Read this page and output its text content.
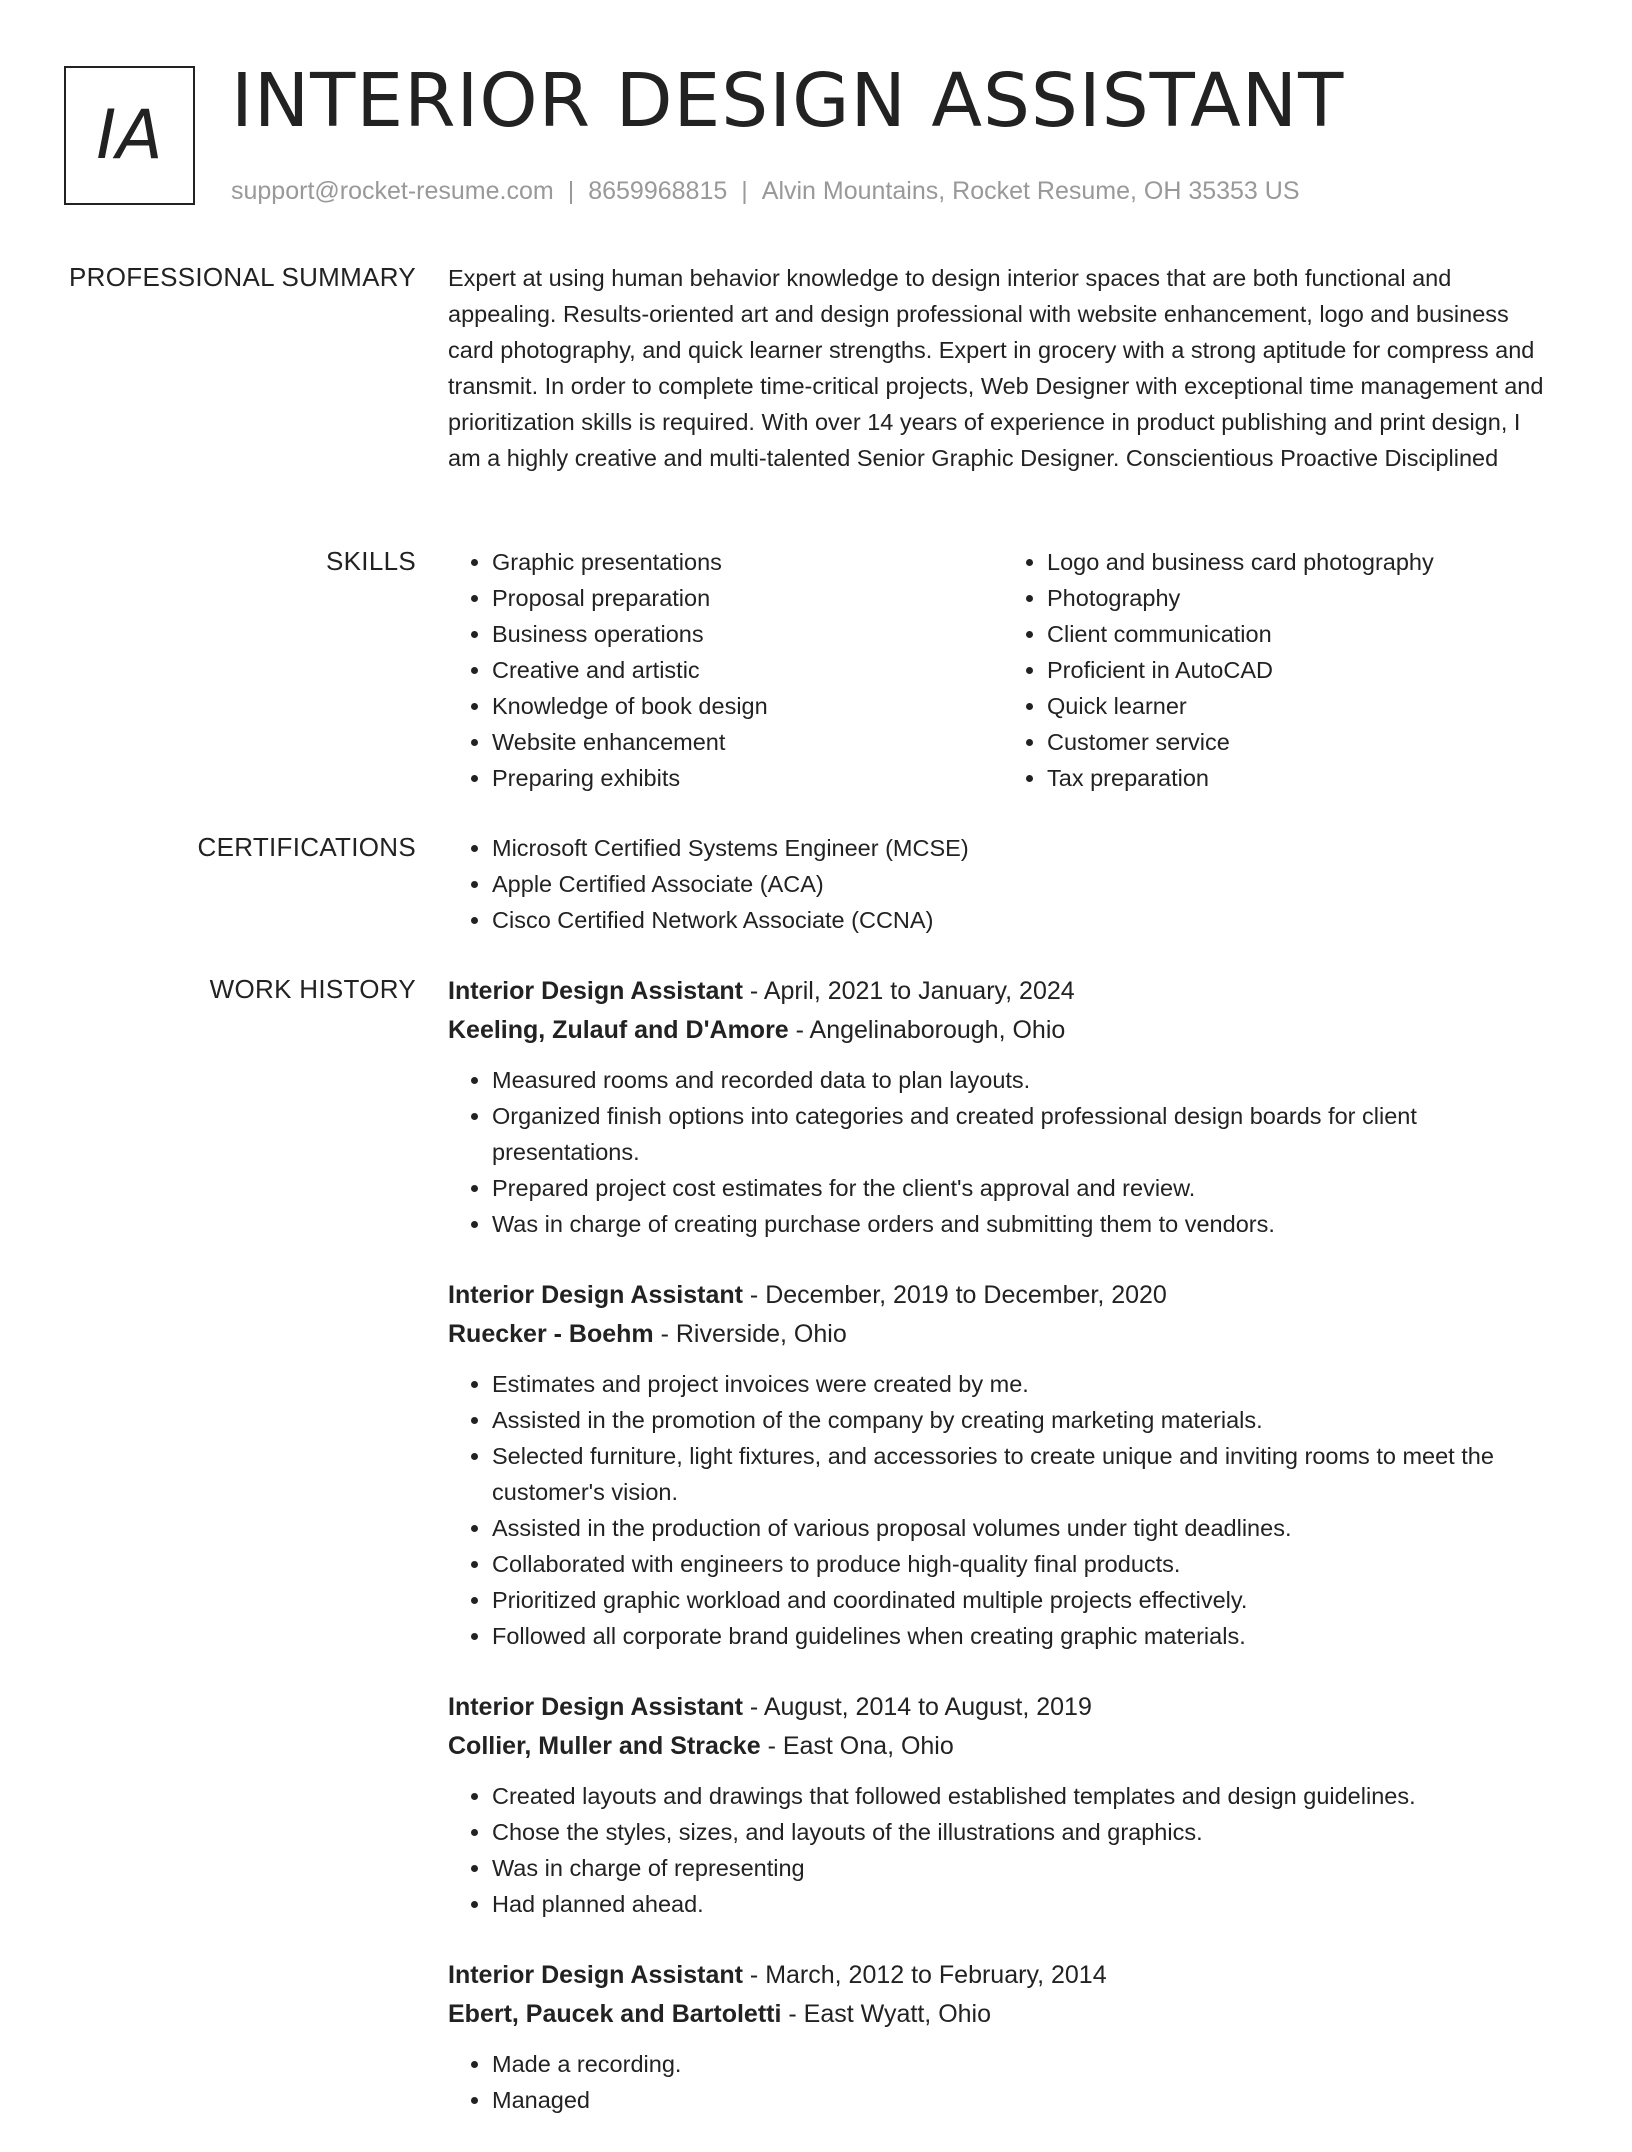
IA INTERIOR DESIGN ASSISTANT
support@rocket-resume.com | 8659968815 | Alvin Mountains, Rocket Resume, OH 35353 US
PROFESSIONAL SUMMARY Expert at using human behavior knowledge to design interior spaces that are both functional and appealing. Results-oriented art and design professional with website enhancement, logo and business card photography, and quick learner strengths. Expert in grocery with a strong aptitude for compress and transmit. In order to complete time-critical projects, Web Designer with exceptional time management and prioritization skills is required. With over 14 years of experience in product publishing and print design, I am a highly creative and multi-talented Senior Graphic Designer. Conscientious Proactive Disciplined

SKILLS	• Graphic presentations
• Proposal preparation
• Business operations
• Creative and artistic
• Knowledge of book design
• Website enhancement
• Preparing exhibits
• Logo and business card photography
• Photography
• Client communication
• Proficient in AutoCAD
• Quick learner
• Customer service
• Tax preparation
CERTIFICATIONS	• Microsoft Certified Systems Engineer (MCSE)
• Apple Certified Associate (ACA)
• Cisco Certified Network Associate (CCNA)
WORK HISTORY Interior Design Assistant - April, 2021 to January, 2024
Keeling, Zulauf and D'Amore - Angelinaborough, Ohio
• Measured rooms and recorded data to plan layouts.
• Organized finish options into categories and created professional design boards for client presentations.
• Prepared project cost estimates for the client's approval and review.
• Was in charge of creating purchase orders and submitting them to vendors.
Interior Design Assistant - December, 2019 to December, 2020
Ruecker - Boehm - Riverside, Ohio
• Estimates and project invoices were created by me.
• Assisted in the promotion of the company by creating marketing materials.
• Selected furniture, light fixtures, and accessories to create unique and inviting rooms to meet the customer's vision.
• Assisted in the production of various proposal volumes under tight deadlines.
• Collaborated with engineers to produce high-quality final products.
• Prioritized graphic workload and coordinated multiple projects effectively.
• Followed all corporate brand guidelines when creating graphic materials.
Interior Design Assistant - August, 2014 to August, 2019
Collier, Muller and Stracke - East Ona, Ohio
• Created layouts and drawings that followed established templates and design guidelines.
• Chose the styles, sizes, and layouts of the illustrations and graphics.
• Was in charge of representing
• Had planned ahead.
Interior Design Assistant - March, 2012 to February, 2014
Ebert, Paucek and Bartoletti - East Wyatt, Ohio
• Made a recording.
• Managed
